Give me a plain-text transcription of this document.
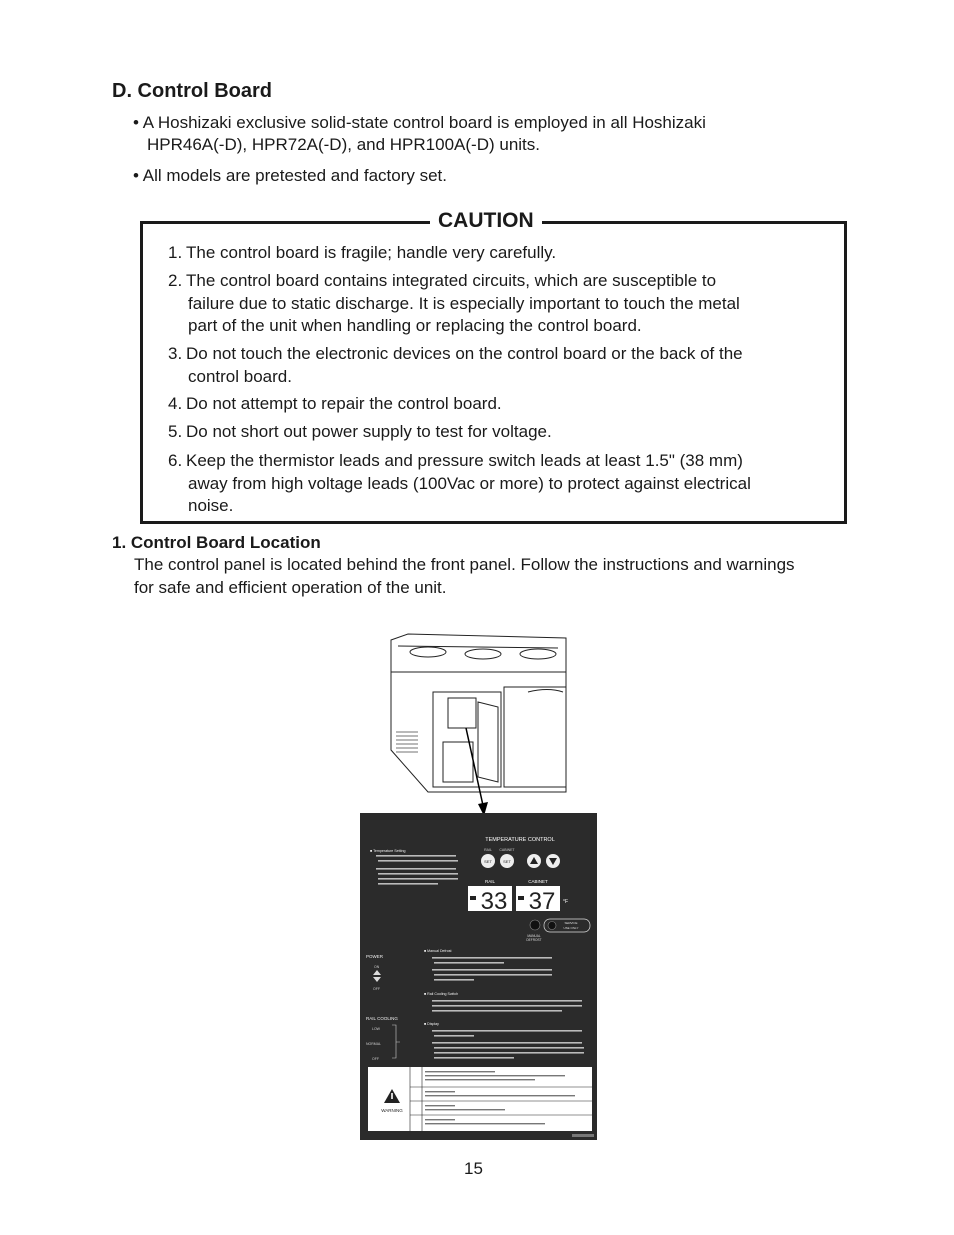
D. Control Board
• A Hoshizaki exclusive solid-state control board is employed in all Hoshizaki
HPR46A(-D), HPR72A(-D), and HPR100A(-D) units.
• All models are pretested and factory set.
CAUTION
1. The control board is fragile; handle very carefully.
2. The control board contains integrated circuits, which are susceptible to
failure due to static discharge. It is especially important to touch the metal
part of the unit when handling or replacing the control board.
3. Do not touch the electronic devices on the control board or the back of the
control board.
4. Do not attempt to repair the control board.
5. Do not short out power supply to test for voltage.
6. Keep the thermistor leads and pressure switch leads at least 1.5" (38 mm)
away from high voltage leads (100Vac or more) to protect against electrical
noise.
1. Control Board Location
The control panel is located behind the front panel. Follow the instructions and warnings
for safe and efficient operation of the unit.
TEMPERATURE CONTROL
RAIL CABINET
SET	SET
RAIL	CABINET
33 37 °F
MANUAL
DEFROST
SERVICE
USE ONLY
■ Temperature Setting
POWER
ON
OFF
RAIL COOLING
LOW
NORMAL
OFF
■ Manual Defrost
■ Rail Cooling Switch
■ Display
WARNING
15
